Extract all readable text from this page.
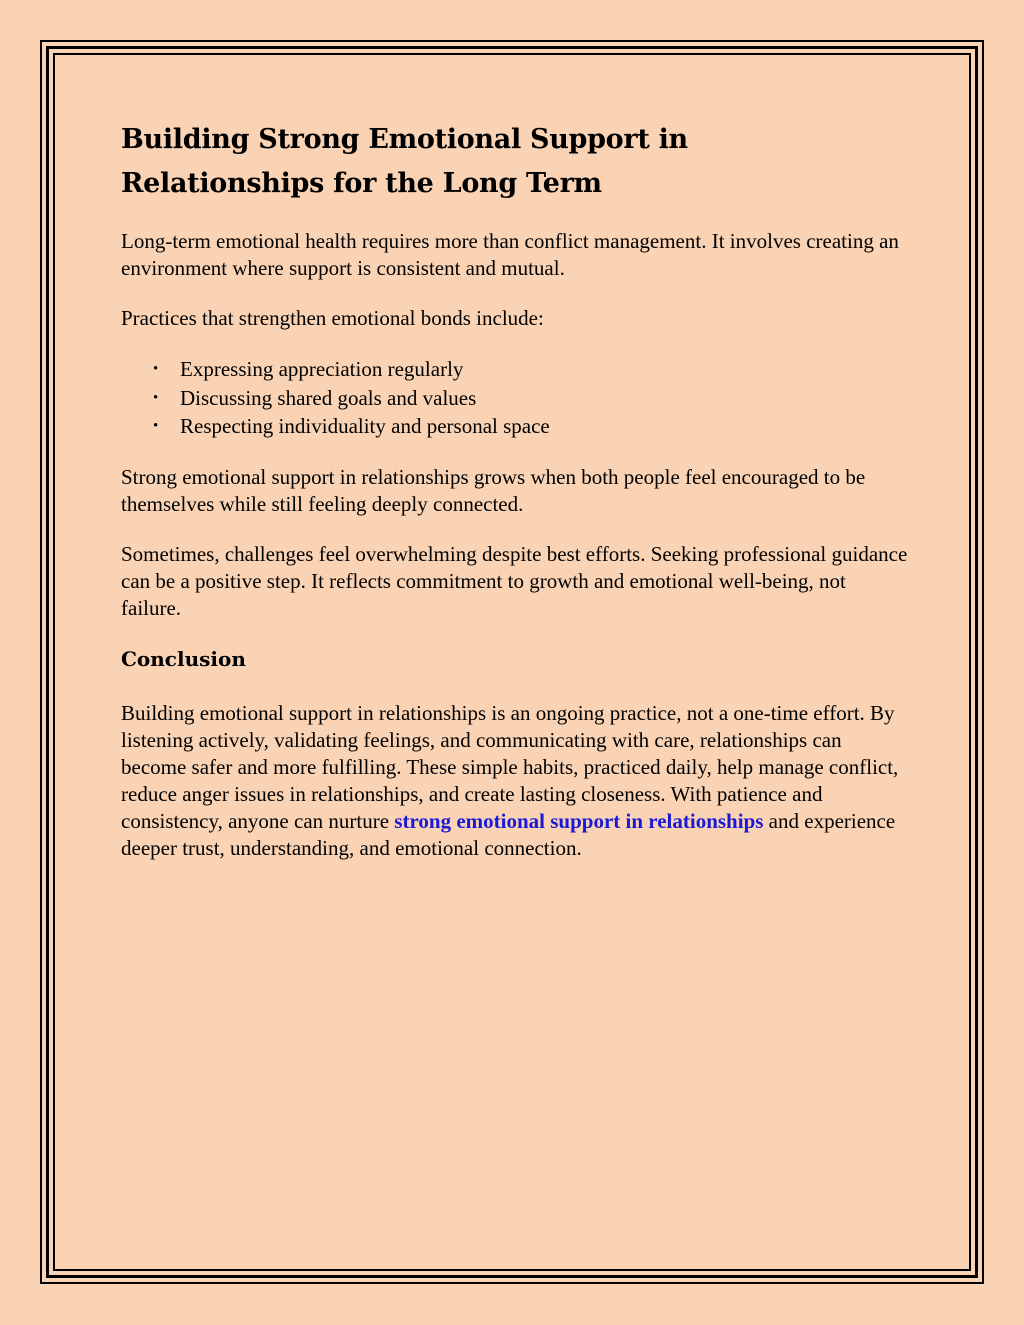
Building Strong Emotional Support in
Relationships for the Long Term

Long-term emotional health requires more than conflict management. It involves creating an environment where support is consistent and mutual.

Practices that strengthen emotional bonds include:

• Expressing appreciation regularly
• Discussing shared goals and values
• Respecting individuality and personal space

Strong emotional support in relationships grows when both people feel encouraged to be themselves while still feeling deeply connected.

Sometimes, challenges feel overwhelming despite best efforts. Seeking professional guidance can be a positive step. It reflects commitment to growth and emotional well-being, not failure.

Conclusion

Building emotional support in relationships is an ongoing practice, not a one-time effort. By listening actively, validating feelings, and communicating with care, relationships can become safer and more fulfilling. These simple habits, practiced daily, help manage conflict, reduce anger issues in relationships, and create lasting closeness. With patience and consistency, anyone can nurture strong emotional support in relationships and experience deeper trust, understanding, and emotional connection.
